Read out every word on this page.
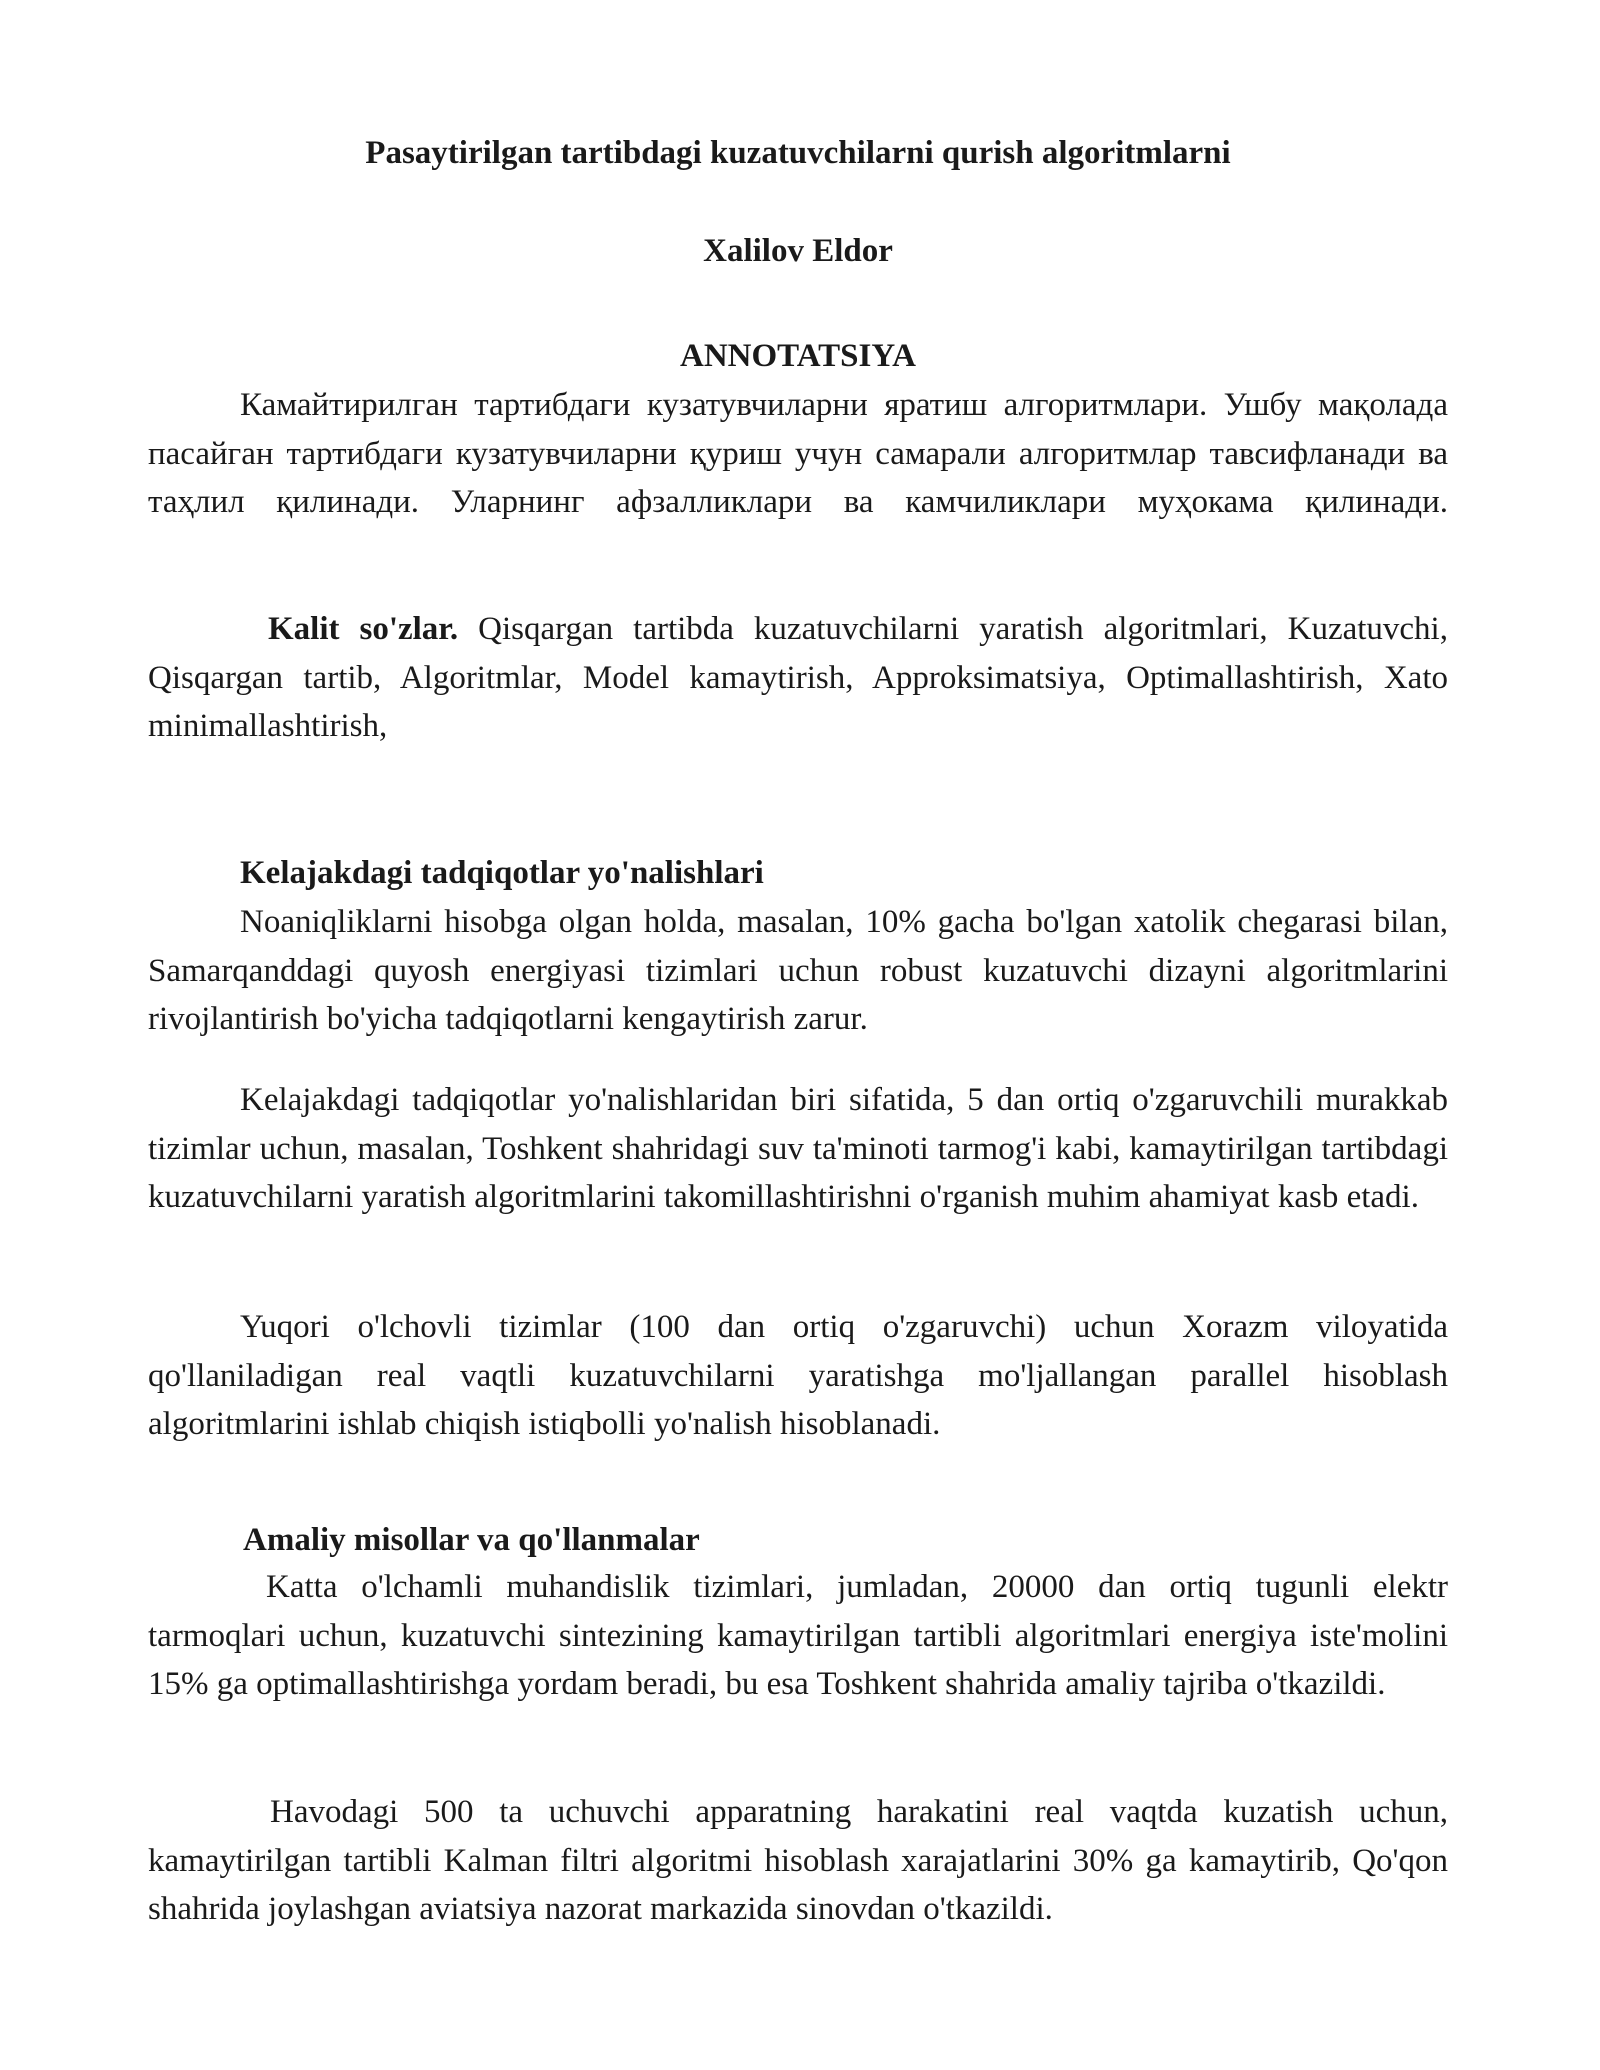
Pasaytirilgan tartibdagi kuzatuvchilarni qurish algoritmlarni

Xalilov Eldor

ANNOTATSIYA

Камайтирилган тартибдаги кузатувчиларни яратиш алгоритмлари. Ушбу мақолада пасайган тартибдаги кузатувчиларни қуриш учун самарали алгоритмлар тавсифланади ва таҳлил қилинади. Уларнинг афзалликлари ва камчиликлари муҳокама қилинади.

Kalit so'zlar. Qisqargan tartibda kuzatuvchilarni yaratish algoritmlari, Kuzatuvchi, Qisqargan tartib, Algoritmlar, Model kamaytirish, Approksimatsiya, Optimallashtirish, Xato minimallashtirish,

Kelajakdagi tadqiqotlar yo'nalishlari

Noaniqliklarni hisobga olgan holda, masalan, 10% gacha bo'lgan xatolik chegarasi bilan, Samarqanddagi quyosh energiyasi tizimlari uchun robust kuzatuvchi dizayni algoritmlarini rivojlantirish bo'yicha tadqiqotlarni kengaytirish zarur.

Kelajakdagi tadqiqotlar yo'nalishlaridan biri sifatida, 5 dan ortiq o'zgaruvchili murakkab tizimlar uchun, masalan, Toshkent shahridagi suv ta'minoti tarmog'i kabi, kamaytirilgan tartibdagi kuzatuvchilarni yaratish algoritmlarini takomillashtirishni o'rganish muhim ahamiyat kasb etadi.

Yuqori o'lchovli tizimlar (100 dan ortiq o'zgaruvchi) uchun Xorazm viloyatida qo'llaniladigan real vaqtli kuzatuvchilarni yaratishga mo'ljallangan parallel hisoblash algoritmlarini ishlab chiqish istiqbolli yo'nalish hisoblanadi.

Amaliy misollar va qo'llanmalar

Katta o'lchamli muhandislik tizimlari, jumladan, 20000 dan ortiq tugunli elektr tarmoqlari uchun, kuzatuvchi sintezining kamaytirilgan tartibli algoritmlari energiya iste'molini 15% ga optimallashtirishga yordam beradi, bu esa Toshkent shahrida amaliy tajriba o'tkazildi.

Havodagi 500 ta uchuvchi apparatning harakatini real vaqtda kuzatish uchun, kamaytirilgan tartibli Kalman filtri algoritmi hisoblash xarajatlarini 30% ga kamaytirib, Qo'qon shahrida joylashgan aviatsiya nazorat markazida sinovdan o'tkazildi.
